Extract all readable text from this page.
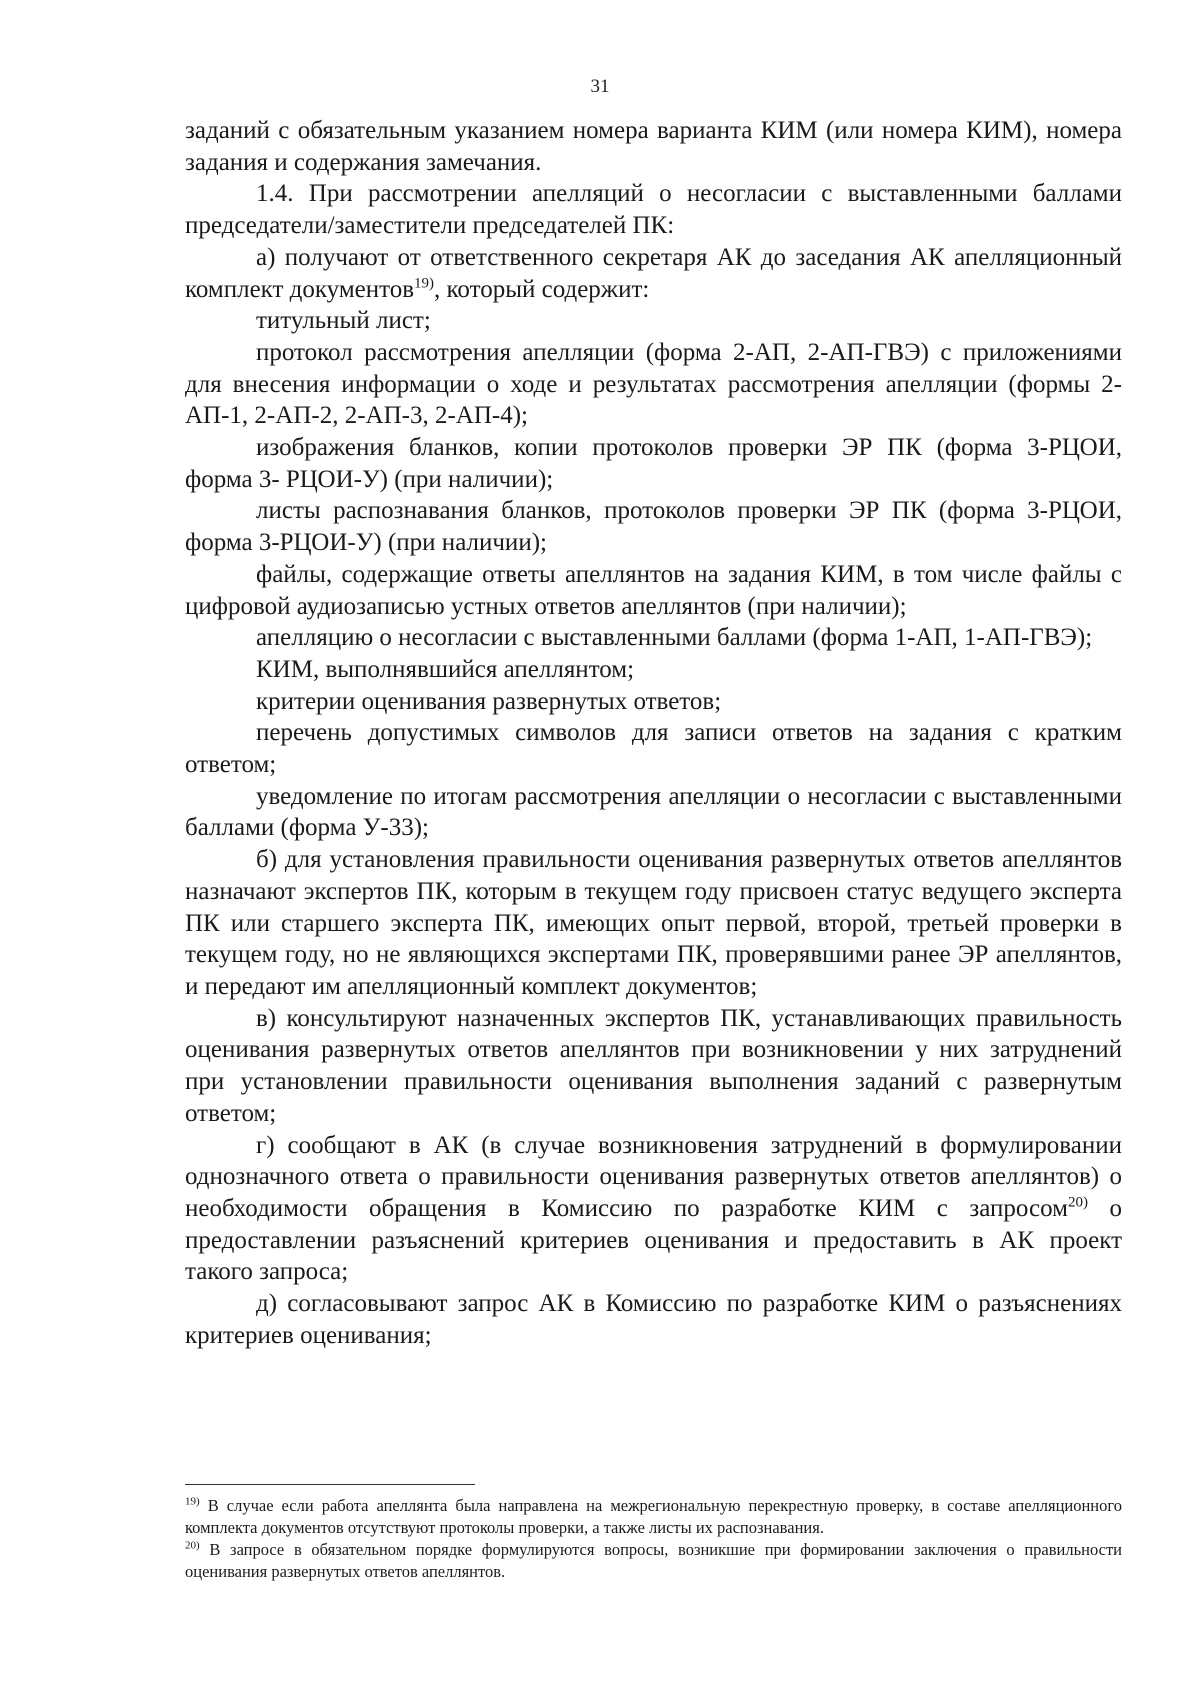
31

заданий с обязательным указанием номера варианта КИМ (или номера КИМ), номера задания и содержания замечания.

1.4. При рассмотрении апелляций о несогласии с выставленными баллами председатели/заместители председателей ПК:

а) получают от ответственного секретаря АК до заседания АК апелляционный комплект документов$^{19)}$, который содержит:

титульный лист;

протокол рассмотрения апелляции (форма 2-АП, 2-АП-ГВЭ) с приложениями для внесения информации о ходе и результатах рассмотрения апелляции (формы 2-АП-1, 2-АП-2, 2-АП-3, 2-АП-4);

изображения бланков, копии протоколов проверки ЭР ПК (форма 3-РЦОИ, форма 3- РЦОИ-У) (при наличии);

листы распознавания бланков, протоколов проверки ЭР ПК (форма 3-РЦОИ, форма 3-РЦОИ-У) (при наличии);

файлы, содержащие ответы апеллянтов на задания КИМ, в том числе файлы с цифровой аудиозаписью устных ответов апеллянтов (при наличии);

апелляцию о несогласии с выставленными баллами (форма 1-АП, 1-АП-ГВЭ);

КИМ, выполнявшийся апеллянтом;

критерии оценивания развернутых ответов;

перечень допустимых символов для записи ответов на задания с кратким ответом;

уведомление по итогам рассмотрения апелляции о несогласии с выставленными баллами (форма У-33);

б) для установления правильности оценивания развернутых ответов апеллянтов назначают экспертов ПК, которым в текущем году присвоен статус ведущего эксперта ПК или старшего эксперта ПК, имеющих опыт первой, второй, третьей проверки в текущем году, но не являющихся экспертами ПК, проверявшими ранее ЭР апеллянтов, и передают им апелляционный комплект документов;

в) консультируют назначенных экспертов ПК, устанавливающих правильность оценивания развернутых ответов апеллянтов при возникновении у них затруднений при установлении правильности оценивания выполнения заданий с развернутым ответом;

г) сообщают в АК (в случае возникновения затруднений в формулировании однозначного ответа о правильности оценивания развернутых ответов апеллянтов) о необходимости обращения в Комиссию по разработке КИМ с запросом$^{20)}$ о предоставлении разъяснений критериев оценивания и предоставить в АК проект такого запроса;

д) согласовывают запрос АК в Комиссию по разработке КИМ о разъяснениях критериев оценивания;

$^{19)}$ В случае если работа апеллянта была направлена на межрегиональную перекрестную проверку, в составе апелляционного комплекта документов отсутствуют протоколы проверки, а также листы их распознавания.

$^{20)}$ В запросе в обязательном порядке формулируются вопросы, возникшие при формировании заключения о правильности оценивания развернутых ответов апеллянтов.
